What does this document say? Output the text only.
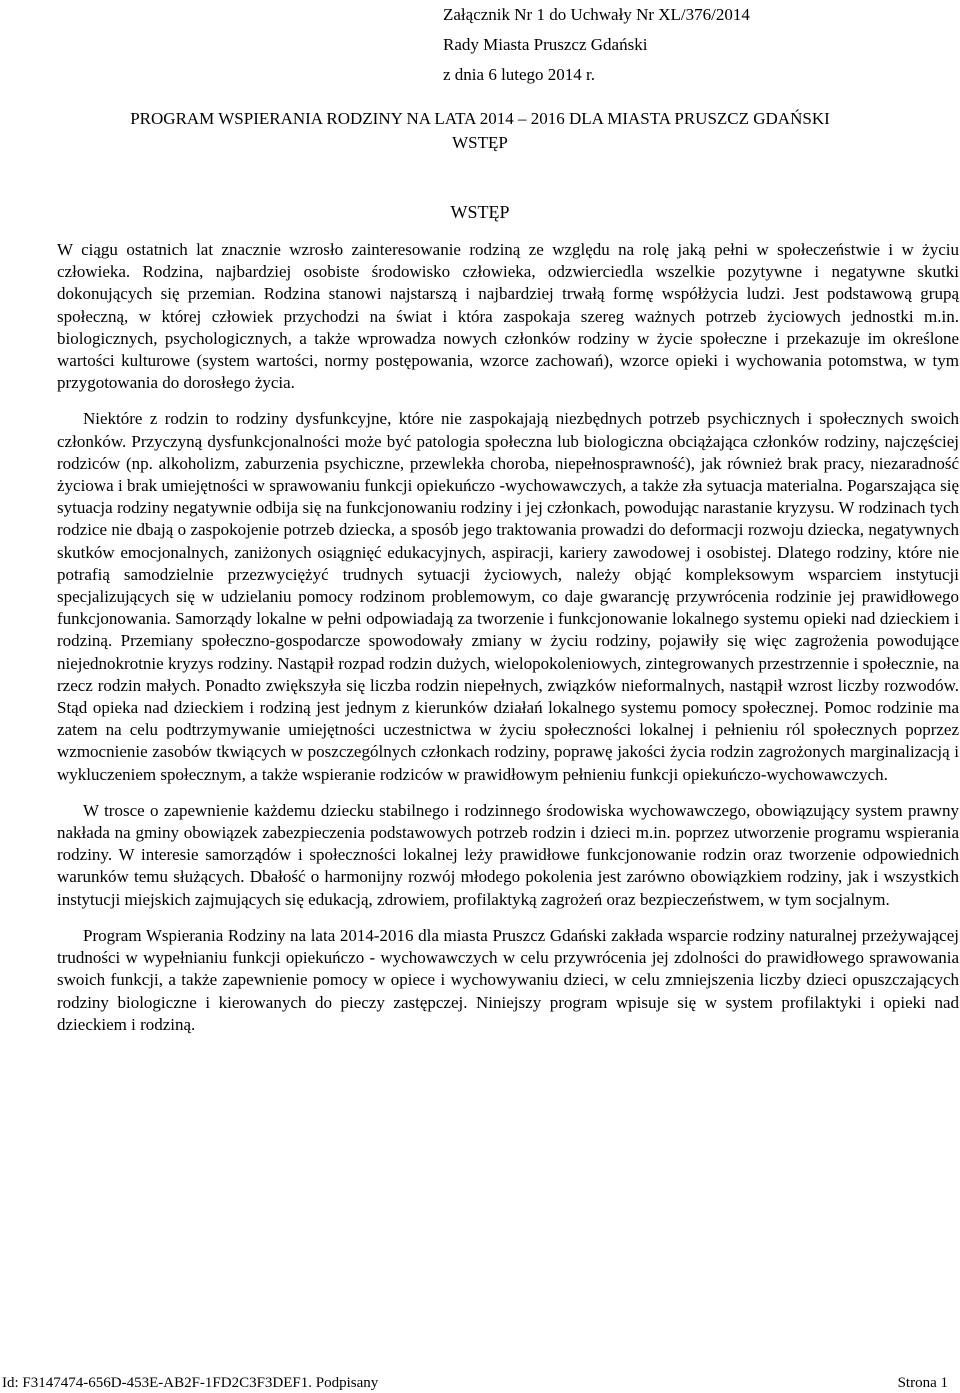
Załącznik Nr 1 do Uchwały Nr XL/376/2014
Rady Miasta Pruszcz Gdański
z dnia 6 lutego 2014 r.
PROGRAM WSPIERANIA RODZINY NA LATA 2014 – 2016 DLA MIASTA PRUSZCZ GDAŃSKI
WSTĘP
WSTĘP

W ciągu ostatnich lat znacznie wzrosło zainteresowanie rodziną ze względu na rolę jaką pełni w społeczeństwie i w życiu człowieka. Rodzina, najbardziej osobiste środowisko człowieka, odzwierciedla wszelkie pozytywne i negatywne skutki dokonujących się przemian. Rodzina stanowi najstarszą i najbardziej trwałą formę współżycia ludzi. Jest podstawową grupą społeczną, w której człowiek przychodzi na świat i która zaspokaja szereg ważnych potrzeb życiowych jednostki m.in. biologicznych, psychologicznych, a także wprowadza nowych członków rodziny w życie społeczne i przekazuje im określone wartości kulturowe (system wartości, normy postępowania, wzorce zachowań), wzorce opieki i wychowania potomstwa, w tym przygotowania do dorosłego życia.

Niektóre z rodzin to rodziny dysfunkcyjne, które nie zaspokajają niezbędnych potrzeb psychicznych i społecznych swoich członków. Przyczyną dysfunkcjonalności może być patologia społeczna lub biologiczna obciążająca członków rodziny, najczęściej rodziców (np. alkoholizm, zaburzenia psychiczne, przewlekła choroba, niepełnosprawność), jak również brak pracy, niezaradność życiowa i brak umiejętności w sprawowaniu funkcji opiekuńczo -wychowawczych, a także zła sytuacja materialna. Pogarszająca się sytuacja rodziny negatywnie odbija się na funkcjonowaniu rodziny i jej członkach, powodując narastanie kryzysu. W rodzinach tych rodzice nie dbają o zaspokojenie potrzeb dziecka, a sposób jego traktowania prowadzi do deformacji rozwoju dziecka, negatywnych skutków emocjonalnych, zaniżonych osiągnięć edukacyjnych, aspiracji, kariery zawodowej i osobistej. Dlatego rodziny, które nie potrafią samodzielnie przezwyciężyć trudnych sytuacji życiowych, należy objąć kompleksowym wsparciem instytucji specjalizujących się w udzielaniu pomocy rodzinom problemowym, co daje gwarancję przywrócenia rodzinie jej prawidłowego funkcjonowania. Samorządy lokalne w pełni odpowiadają za tworzenie i funkcjonowanie lokalnego systemu opieki nad dzieckiem i rodziną. Przemiany społeczno-gospodarcze spowodowały zmiany w życiu rodziny, pojawiły się więc zagrożenia powodujące niejednokrotnie kryzys rodziny. Nastąpił rozpad rodzin dużych, wielopokoleniowych, zintegrowanych przestrzennie i społecznie, na rzecz rodzin małych. Ponadto zwiększyła się liczba rodzin niepełnych, związków nieformalnych, nastąpił wzrost liczby rozwodów. Stąd opieka nad dzieckiem i rodziną jest jednym z kierunków działań lokalnego systemu pomocy społecznej. Pomoc rodzinie ma zatem na celu podtrzymywanie umiejętności uczestnictwa w życiu społeczności lokalnej i pełnieniu ról społecznych poprzez wzmocnienie zasobów tkwiących w poszczególnych członkach rodziny, poprawę jakości życia rodzin zagrożonych marginalizacją i wykluczeniem społecznym, a także wspieranie rodziców w prawidłowym pełnieniu funkcji opiekuńczo-wychowawczych.

W trosce o zapewnienie każdemu dziecku stabilnego i rodzinnego środowiska wychowawczego, obowiązujący system prawny nakłada na gminy obowiązek zabezpieczenia podstawowych potrzeb rodzin i dzieci m.in. poprzez utworzenie programu wspierania rodziny. W interesie samorządów i społeczności lokalnej leży prawidłowe funkcjonowanie rodzin oraz tworzenie odpowiednich warunków temu służących. Dbałość o harmonijny rozwój młodego pokolenia jest zarówno obowiązkiem rodziny, jak i wszystkich instytucji miejskich zajmujących się edukacją, zdrowiem, profilaktyką zagrożeń oraz bezpieczeństwem, w tym socjalnym.

Program Wspierania Rodziny na lata 2014-2016 dla miasta Pruszcz Gdański zakłada wsparcie rodziny naturalnej przeżywającej trudności w wypełnianiu funkcji opiekuńczo - wychowawczych w celu przywrócenia jej zdolności do prawidłowego sprawowania swoich funkcji, a także zapewnienie pomocy w opiece i wychowywaniu dzieci, w celu zmniejszenia liczby dzieci opuszczających rodziny biologiczne i kierowanych do pieczy zastępczej. Niniejszy program wpisuje się w system profilaktyki i opieki nad dzieckiem i rodziną.

Id: F3147474-656D-453E-AB2F-1FD2C3F3DEF1. Podpisany	Strona 1
